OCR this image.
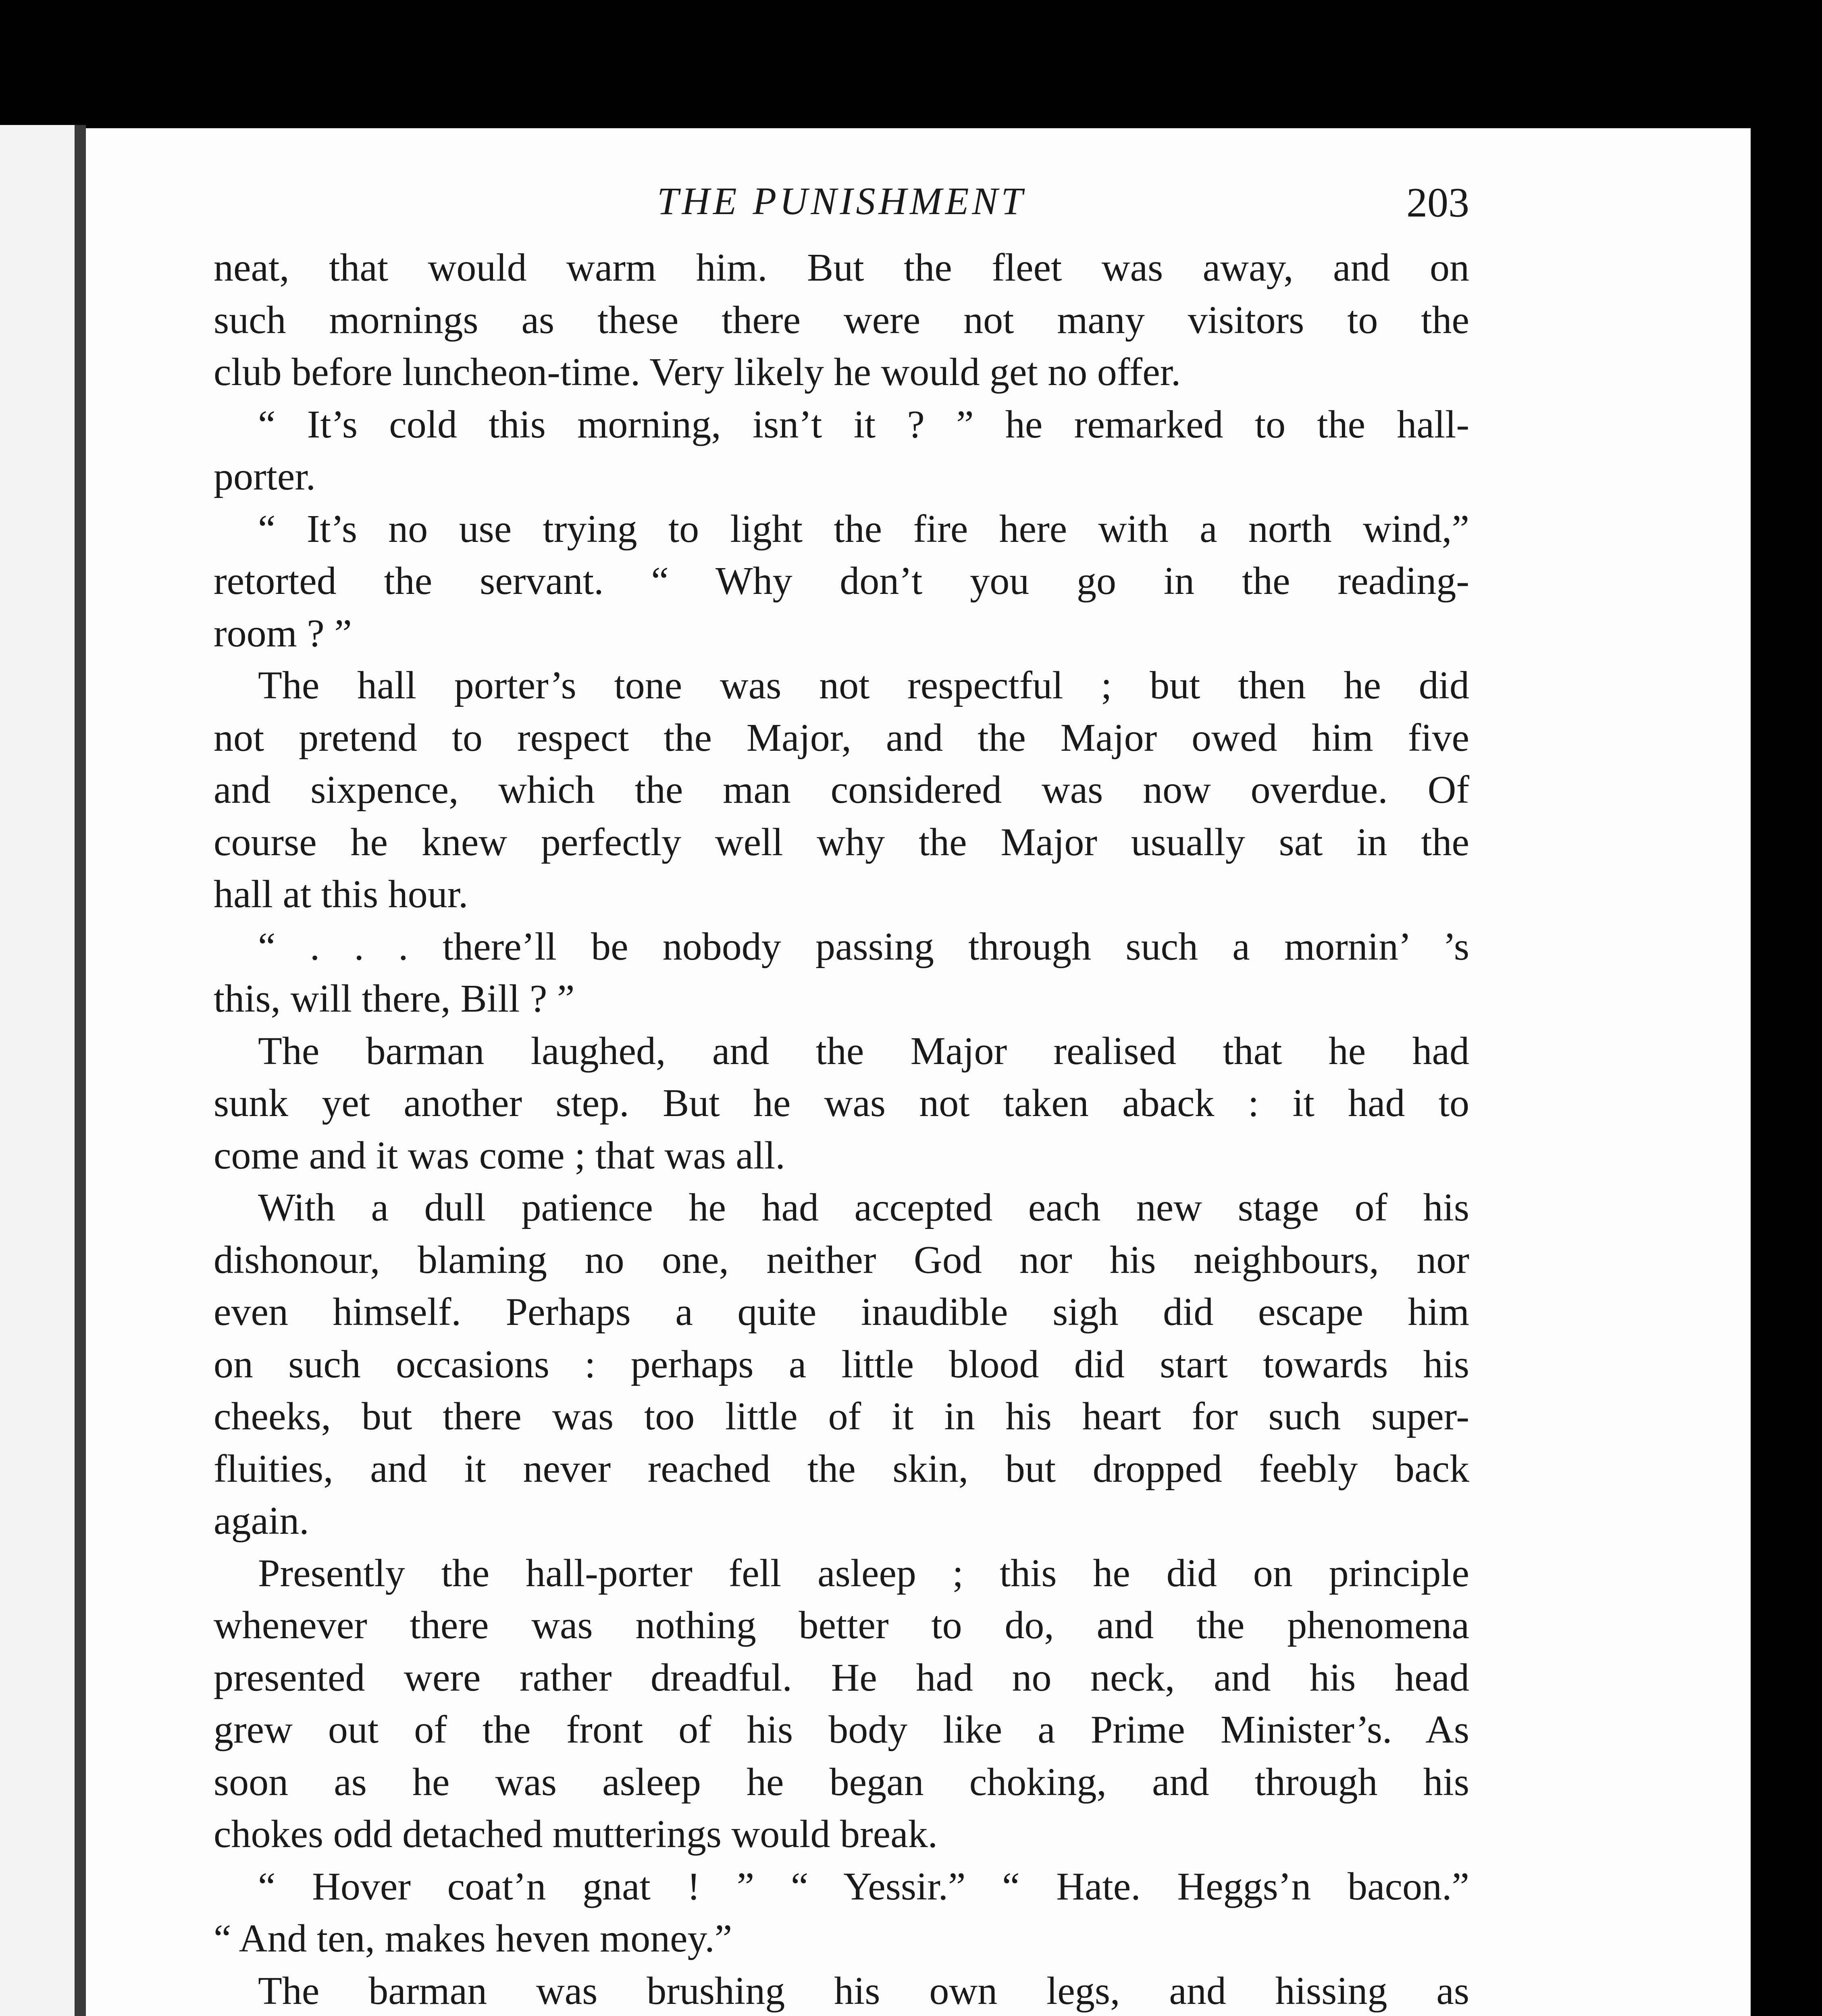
THE PUNISHMENT	203
neat, that would warm him. But the fleet was away, and on
such mornings as these there were not many visitors to the
club before luncheon-time. Very likely he would get no offer.
“ It’s cold this morning, isn’t it ? ” he remarked to the hall-
porter.
“ It’s no use trying to light the fire here with a north wind,”
retorted the servant. “ Why don’t you go in the reading-
room ? ”
The hall porter’s tone was not respectful ; but then he did
not pretend to respect the Major, and the Major owed him five
and sixpence, which the man considered was now overdue. Of
course he knew perfectly well why the Major usually sat in the
hall at this hour.
“ . . . there’ll be nobody passing through such a mornin’ ’s
this, will there, Bill ? ”
The barman laughed, and the Major realised that he had
sunk yet another step. But he was not taken aback : it had to
come and it was come ; that was all.
With a dull patience he had accepted each new stage of his
dishonour, blaming no one, neither God nor his neighbours, nor
even himself. Perhaps a quite inaudible sigh did escape him
on such occasions : perhaps a little blood did start towards his
cheeks, but there was too little of it in his heart for such super-
fluities, and it never reached the skin, but dropped feebly back
again.
Presently the hall-porter fell asleep ; this he did on principle
whenever there was nothing better to do, and the phenomena
presented were rather dreadful. He had no neck, and his head
grew out of the front of his body like a Prime Minister’s. As
soon as he was asleep he began choking, and through his
chokes odd detached mutterings would break.
“ Hover coat’n gnat ! ” “ Yessir.” “ Hate. Heggs’n bacon.”
“ And ten, makes heven money.”
The barman was brushing his own legs, and hissing as
